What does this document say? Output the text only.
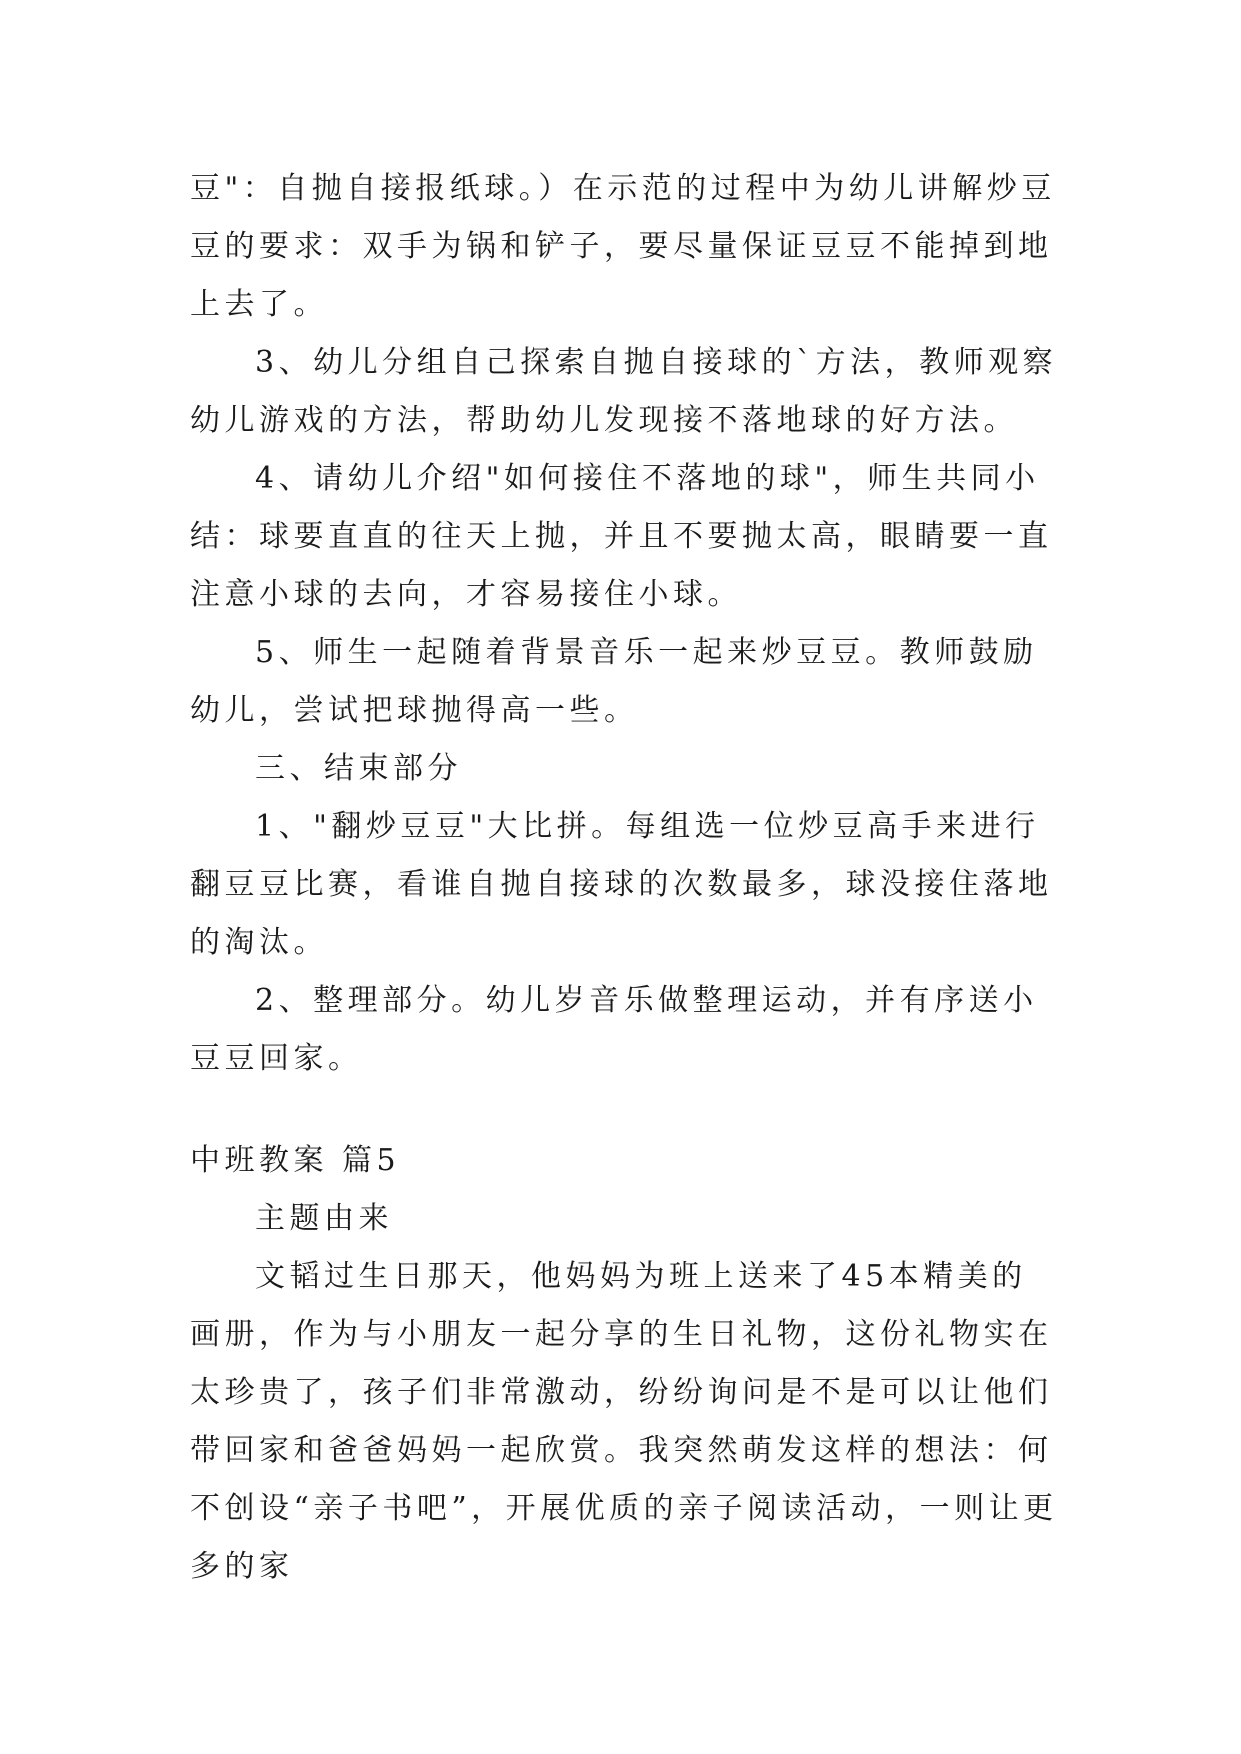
豆"：自抛自接报纸球。）在示范的过程中为幼儿讲解炒豆豆的要求：双手为锅和铲子，要尽量保证豆豆不能掉到地上去了。

3、幼儿分组自己探索自抛自接球的`方法，教师观察幼儿游戏的方法，帮助幼儿发现接不落地球的好方法。

4、请幼儿介绍"如何接住不落地的球"，师生共同小结：球要直直的往天上抛，并且不要抛太高，眼睛要一直注意小球的去向，才容易接住小球。

5、师生一起随着背景音乐一起来炒豆豆。教师鼓励幼儿，尝试把球抛得高一些。

三、结束部分

1、"翻炒豆豆"大比拼。每组选一位炒豆高手来进行翻豆豆比赛，看谁自抛自接球的次数最多，球没接住落地的淘汰。

2、整理部分。幼儿岁音乐做整理运动，并有序送小豆豆回家。

中班教案 篇5

主题由来

文韬过生日那天，他妈妈为班上送来了45本精美的画册，作为与小朋友一起分享的生日礼物，这份礼物实在太珍贵了，孩子们非常激动，纷纷询问是不是可以让他们带回家和爸爸妈妈一起欣赏。我突然萌发这样的想法：何不创设“亲子书吧”，开展优质的亲子阅读活动，一则让更多的家
